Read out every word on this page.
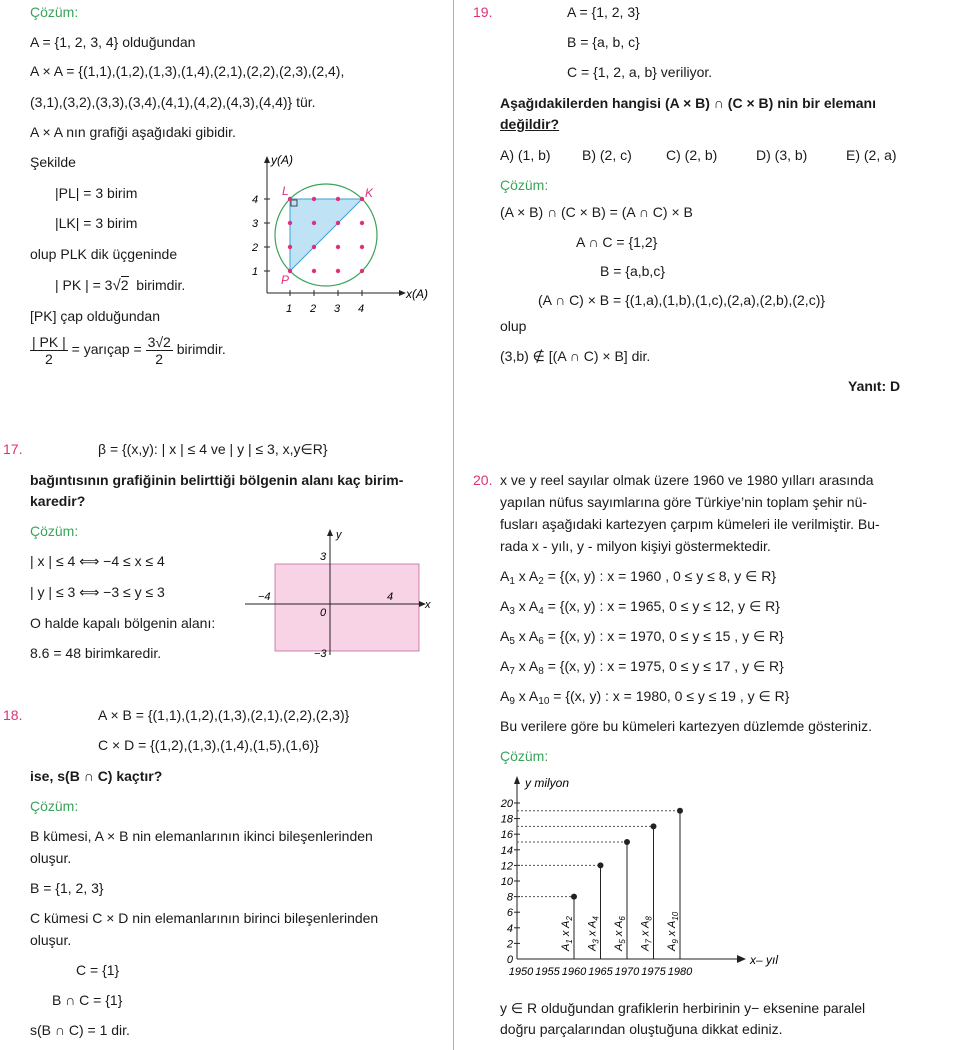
Çözüm:
A = {1, 2, 3, 4} olduğundan
A × A = {(1,1),(1,2),(1,3),(1,4),(2,1),(2,2),(2,3),(2,4),
(3,1),(3,2),(3,3),(3,4),(4,1),(4,2),(4,3),(4,4)} tür.
A × A nın grafiği aşağıdaki gibidir.
Şekilde
|PL| = 3 birim
|LK| = 3 birim
olup PLK dik üçgeninde
| PK | = 3√2 birimdir.
[PK] çap olduğundan
$\frac{| PK |}{2}$ = yarıçap = $\frac{3√2}{2}$ birimdir.
y(A)
x(A)
1 2 3 4
1
2
3
4
L	K
P
17.	β = {(x,y): | x | ≤ 4 ve | y | ≤ 3, x,y∈R}
bağıntısının grafiğinin belirttiği bölgenin alanı kaç birim-
karedir?
Çözüm:
| x | ≤ 4 ⟺ −4 ≤ x ≤ 4
| y | ≤ 3 ⟺ −3 ≤ y ≤ 3
O halde kapalı bölgenin alanı:
8.6 = 48 birimkaredir.
y
x
3
−3
4
−4
0
18.	A × B = {(1,1),(1,2),(1,3),(2,1),(2,2),(2,3)}
C × D = {(1,2),(1,3),(1,4),(1,5),(1,6)}
ise, s(B ∩ C) kaçtır?
Çözüm:
B kümesi, A × B nin elemanlarının ikinci bileşenlerinden
oluşur.
B = {1, 2, 3}
C kümesi C × D nin elemanlarının birinci bileşenlerinden
oluşur.
C = {1}
B ∩ C = {1}
s(B ∩ C) = 1 dir.
19.	A = {1, 2, 3}
B = {a, b, c}
C = {1, 2, a, b} veriliyor.
Aşağıdakilerden hangisi (A × B) ∩ (C × B) nin bir elemanı
değildir?
A) (1, b) B) (2, c) C) (2, b)	D) (3, b)	E) (2, a)
Çözüm:
(A × B) ∩ (C × B) = (A ∩ C) × B
A ∩ C = {1,2}
B = {a,b,c}
(A ∩ C) × B = {(1,a),(1,b),(1,c),(2,a),(2,b),(2,c)}
olup
(3,b) ∉ [(A ∩ C) × B] dir.
Yanıt: D
20. x ve y reel sayılar olmak üzere 1960 ve 1980 yılları arasında
yapılan nüfus sayımlarına göre Türkiye’nin toplam şehir nü-
fusları aşağıdaki kartezyen çarpım kümeleri ile verilmiştir. Bu-
rada x - yılı, y - milyon kişiyi göstermektedir.
$A_1$ x $A_2 = \{(x$, y) : x = 1960 , 0 ≤ y ≤ 8, y ∈ R}
$A_3$ x $A_4 = \{(x$, y) : x = 1965, 0 ≤ y ≤ 12, y ∈ R}
$A_5$ x $A_6 = \{(x$, y) : x = 1970, 0 ≤ y ≤ 15 , y ∈ R}
$A_7$ x $A_8 = \{(x$, y) : x = 1975, 0 ≤ y ≤ 17 , y ∈ R}
$A_9$ x $A_{10} = \{(x$, y) : x = 1980, 0 ≤ y ≤ 19 , y ∈ R}
Bu verilere göre bu kümeleri kartezyen düzlemde gösteriniz.
Çözüm:
y milyon
x– yıl
2
4
6
8
10
12
14
16
18
20
0
1950 1955 1960 1965 1970 1975 1980
$A_1$ x $A_2$
$A_3$ x $A_4$
$A_5$ x $A_6$
$A_7$ x $A_8$
$A_9$ x $A_{10}$
y ∈ R olduğundan grafiklerin herbirinin y− eksenine paralel
doğru parçalarından oluştuğuna dikkat ediniz.
